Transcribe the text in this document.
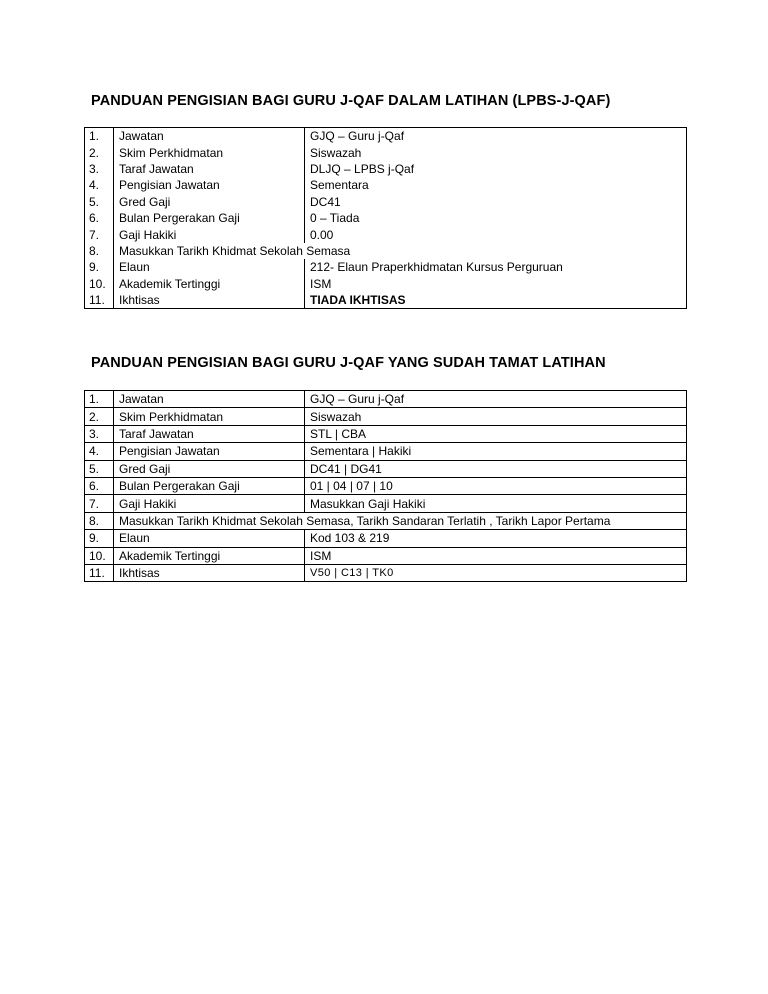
PANDUAN PENGISIAN BAGI GURU J-QAF DALAM LATIHAN (LPBS-J-QAF)
1.	Jawatan	GJQ – Guru j-Qaf
2.	Skim Perkhidmatan	Siswazah
3.	Taraf Jawatan	DLJQ – LPBS j-Qaf
4.	Pengisian Jawatan	Sementara
5.	Gred Gaji	DC41
6.	Bulan Pergerakan Gaji	0 – Tiada
7.	Gaji Hakiki	0.00
8.	Masukkan Tarikh Khidmat Sekolah Semasa	
9.	Elaun	212- Elaun Praperkhidmatan Kursus Perguruan
10.	Akademik Tertinggi	ISM
11.	Ikhtisas	TIADA IKHTISAS
PANDUAN PENGISIAN BAGI GURU J-QAF YANG SUDAH TAMAT LATIHAN
1.	Jawatan	GJQ – Guru j-Qaf
2.	Skim Perkhidmatan	Siswazah
3.	Taraf Jawatan	STL | CBA
4.	Pengisian Jawatan	Sementara | Hakiki
5.	Gred Gaji	DC41 | DG41
6.	Bulan Pergerakan Gaji	01 | 04 | 07 | 10
7.	Gaji Hakiki	Masukkan Gaji Hakiki
8.	Masukkan Tarikh Khidmat Sekolah Semasa, Tarikh Sandaran Terlatih , Tarikh Lapor Pertama	
9.	Elaun	Kod 103 & 219
10.	Akademik Tertinggi	ISM
11.	Ikhtisas	V50 | C13 | TK0
